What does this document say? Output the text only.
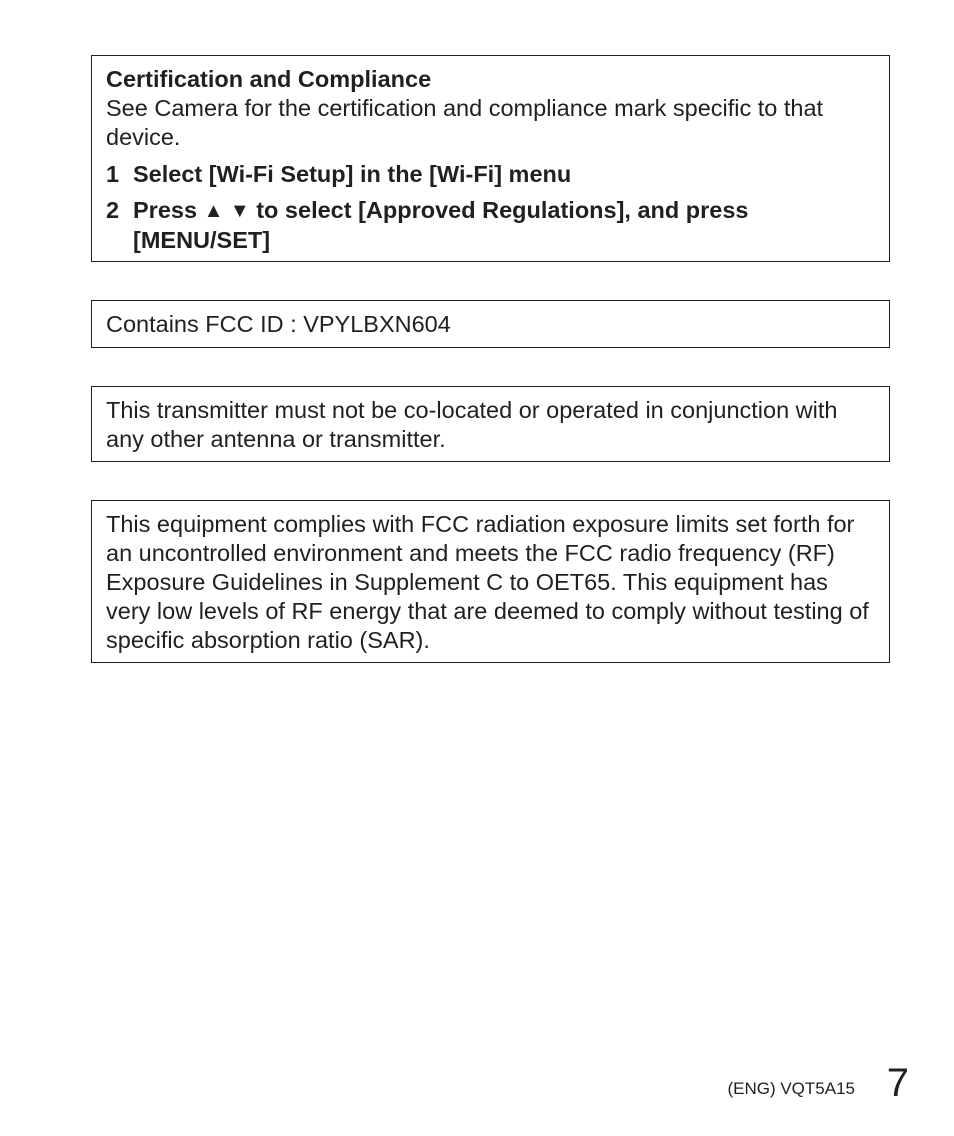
Certification and Compliance
See Camera for the certification and compliance mark specific to that device.
1 Select [Wi-Fi Setup] in the [Wi-Fi] menu
2 Press ▲ ▼ to select [Approved Regulations], and press [MENU/SET]
Contains FCC ID : VPYLBXN604
This transmitter must not be co-located or operated in conjunction with any other antenna or transmitter.
This equipment complies with FCC radiation exposure limits set forth for an uncontrolled environment and meets the FCC radio frequency (RF) Exposure Guidelines in Supplement C to OET65. This equipment has very low levels of RF energy that are deemed to comply without testing of specific absorption ratio (SAR).
(ENG) VQT5A15 7
